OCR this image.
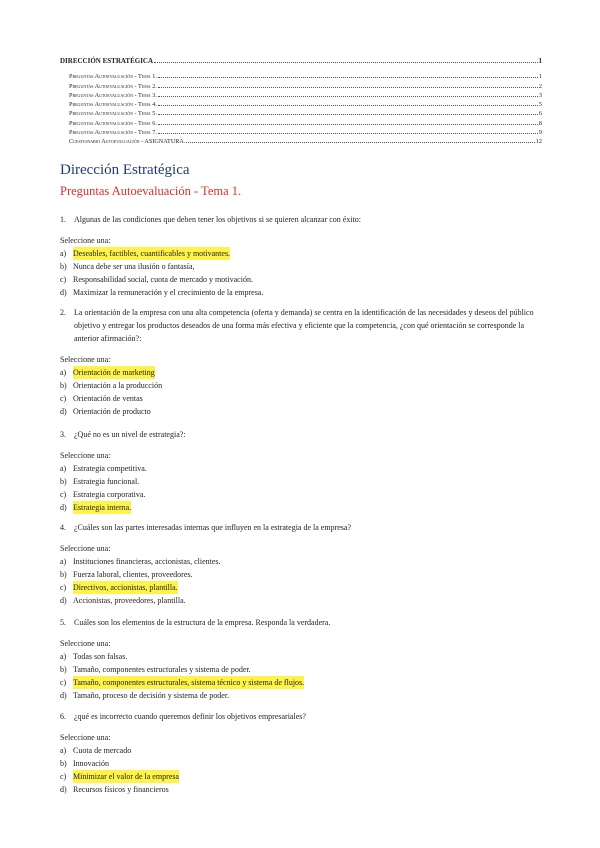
DIRECCIÓN ESTRATÉGICA	1
Preguntas Autoevaluación - Tema 1.	1
Preguntas Autoevaluación - Tema 2.	2
Preguntas Autoevaluación - Tema 3.	3
Preguntas Autoevaluación - Tema 4.	5
Preguntas Autoevaluación - Tema 5.	6
Preguntas Autoevaluación - Tema 6.	8
Preguntas Autoevaluación - Tema 7.	9
Cuestionario Autoevaluación - ASIGNATURA.	12
Dirección Estratégica
Preguntas Autoevaluación - Tema 1.
1. Algunas de las condiciones que deben tener los objetivos si se quieren alcanzar con éxito:
Seleccione una:
a) Deseables, factibles, cuantificables y motivantes.
b) Nunca debe ser una ilusión o fantasía,
c) Responsabilidad social, cuota de mercado y motivación.
d) Maximizar la remuneración y el crecimiento de la empresa.
2. La orientación de la empresa con una alta competencia (oferta y demanda) se centra en la identificación de las necesidades y deseos del público objetivo y entregar los productos deseados de una forma más efectiva y eficiente que la competencia, ¿con qué orientación se corresponde la anterior afirmación?:
Seleccione una:
a) Orientación de marketing
b) Orientación a la producción
c) Orientación de ventas
d) Orientación de producto
3. ¿Qué no es un nivel de estrategia?:
Seleccione una:
a) Estrategia competitiva.
b) Estrategia funcional.
c) Estrategia corporativa.
d) Estrategia interna.
4. ¿Cuáles son las partes interesadas internas que influyen en la estrategia de la empresa?
Seleccione una:
a) Instituciones financieras, accionistas, clientes.
b) Fuerza laboral, clientes, proveedores.
c) Directivos, accionistas, plantilla.
d) Accionistas, proveedores, plantilla.
5. Cuáles son los elementos de la estructura de la empresa. Responda la verdadera.
Seleccione una:
a) Todas son falsas.
b) Tamaño, componentes estructurales y sistema de poder.
c) Tamaño, componentes estructurales, sistema técnico y sistema de flujos.
d) Tamaño, proceso de decisión y sistema de poder.
6. ¿qué es incorrecto cuando queremos definir los objetivos empresariales?
Seleccione una:
a) Cuota de mercado
b) Innovación
c) Minimizar el valor de la empresa
d) Recursos físicos y financieros
